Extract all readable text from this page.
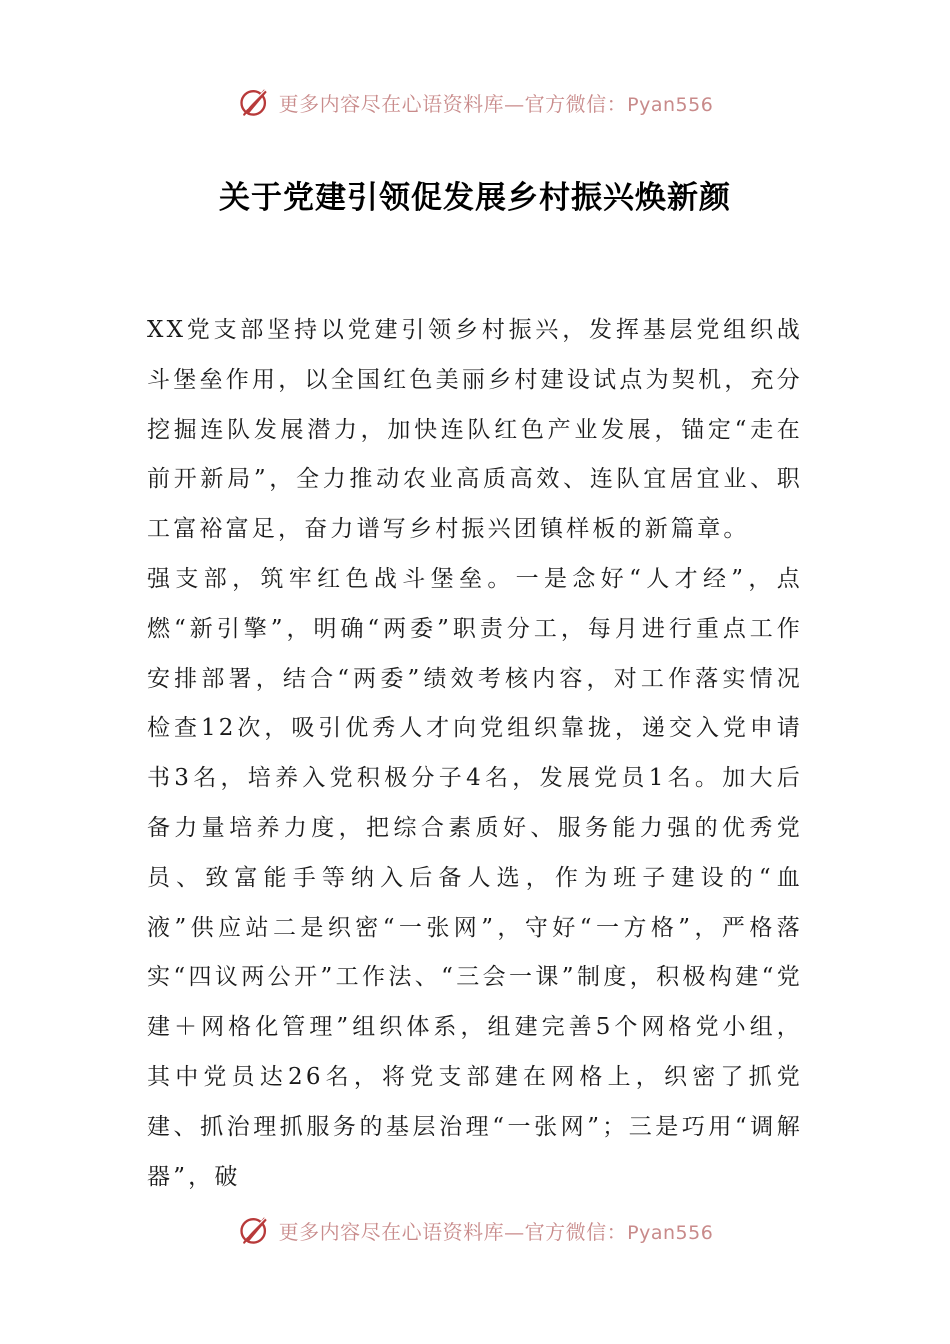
更多内容尽在心语资料库—官方微信：Pyan556
关于党建引领促发展乡村振兴焕新颜

XX党支部坚持以党建引领乡村振兴，发挥基层党组织战斗堡垒作用，以全国红色美丽乡村建设试点为契机，充分挖掘连队发展潜力，加快连队红色产业发展，锚定“走在前开新局”，全力推动农业高质高效、连队宜居宜业、职工富裕富足，奋力谱写乡村振兴团镇样板的新篇章。

强支部，筑牢红色战斗堡垒。一是念好“人才经”，点燃“新引擎”，明确“两委”职责分工，每月进行重点工作安排部署，结合“两委”绩效考核内容，对工作落实情况检查12次，吸引优秀人才向党组织靠拢，递交入党申请书3名，培养入党积极分子4名，发展党员1名。加大后备力量培养力度，把综合素质好、服务能力强的优秀党员、致富能手等纳入后备人选，作为班子建设的“血液”供应站二是织密“一张网”，守好“一方格”，严格落实“四议两公开”工作法、“三会一课”制度，积极构建“党建＋网格化管理”组织体系，组建完善5个网格党小组，其中党员达26名，将党支部建在网格上，织密了抓党建、抓治理抓服务的基层治理“一张网”；三是巧用“调解器”，破

更多内容尽在心语资料库—官方微信：Pyan556
